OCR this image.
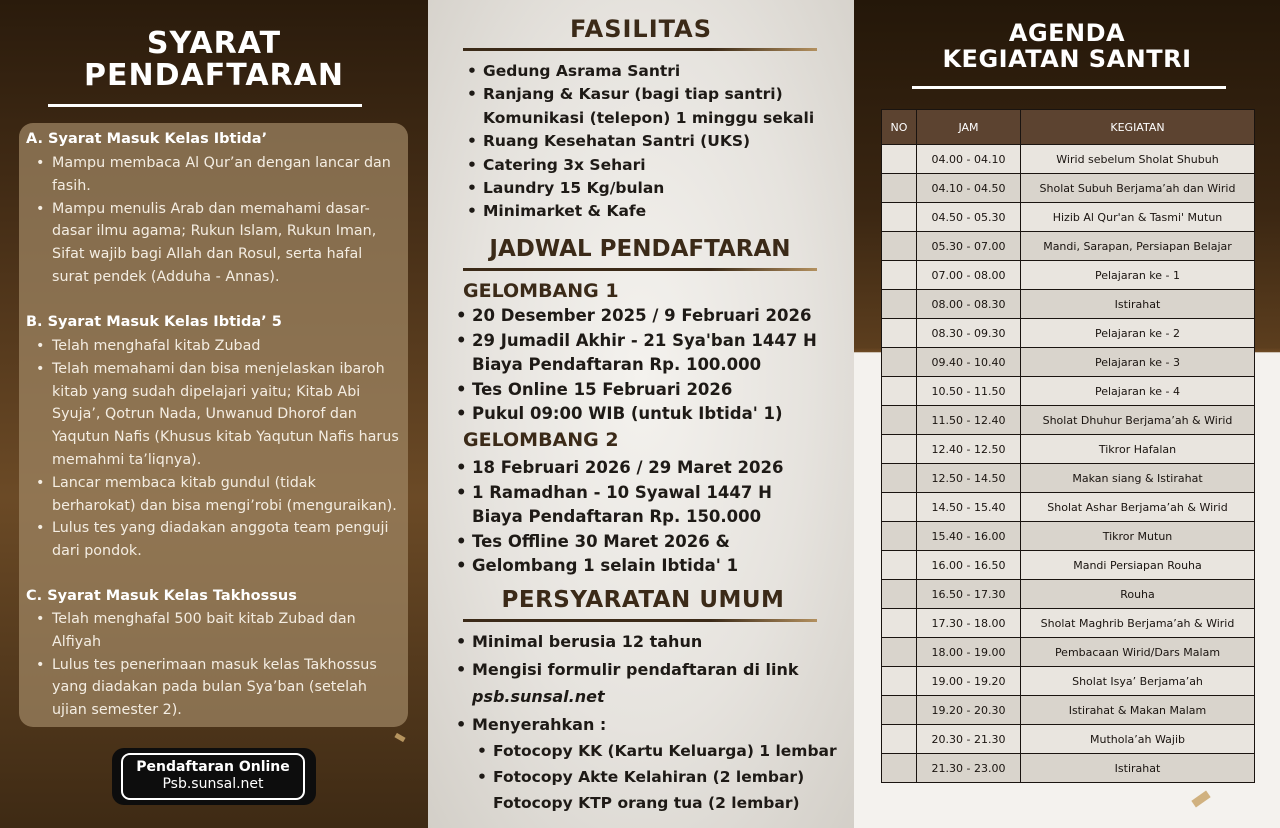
SYARAT
PENDAFTARAN
A. Syarat Masuk Kelas Ibtida’
• Mampu membaca Al Qur’an dengan lancar dan fasih.
• Mampu menulis Arab dan memahami dasar-dasar ilmu agama; Rukun Islam, Rukun Iman, Sifat wajib bagi Allah dan Rosul, serta hafal surat pendek (Adduha - Annas).
B. Syarat Masuk Kelas Ibtida’ 5
• Telah menghafal kitab Zubad
• Telah memahami dan bisa menjelaskan ibaroh kitab yang sudah dipelajari yaitu; Kitab Abi Syuja’, Qotrun Nada, Unwanud Dhorof dan Yaqutun Nafis (Khusus kitab Yaqutun Nafis harus memahmi ta’liqnya).
• Lancar membaca kitab gundul (tidak berharokat) dan bisa mengi’robi (menguraikan).
• Lulus tes yang diadakan anggota team penguji dari pondok.
C. Syarat Masuk Kelas Takhossus
• Telah menghafal 500 bait kitab Zubad dan Alfiyah
• Lulus tes penerimaan masuk kelas Takhossus yang diadakan pada bulan Sya’ban (setelah ujian semester 2).
Pendaftaran Online
Psb.sunsal.net
FASILITAS
• Gedung Asrama Santri
• Ranjang & Kasur (bagi tiap santri)
Komunikasi (telepon) 1 minggu sekali
• Ruang Kesehatan Santri (UKS)
• Catering 3x Sehari
• Laundry 15 Kg/bulan
• Minimarket & Kafe
JADWAL PENDAFTARAN
GELOMBANG 1
• 20 Desember 2025 / 9 Februari 2026
• 29 Jumadil Akhir - 21 Sya'ban 1447 H
Biaya Pendaftaran Rp. 100.000
• Tes Online 15 Februari 2026
• Pukul 09:00 WIB (untuk Ibtida' 1)
GELOMBANG 2
• 18 Februari 2026 / 29 Maret 2026
• 1 Ramadhan - 10 Syawal 1447 H
Biaya Pendaftaran Rp. 150.000
• Tes Offline 30 Maret 2026 &
• Gelombang 1 selain Ibtida' 1
PERSYARATAN UMUM
• Minimal berusia 12 tahun
• Mengisi formulir pendaftaran di link
psb.sunsal.net
• Menyerahkan :
• Fotocopy KK (Kartu Keluarga) 1 lembar
• Fotocopy Akte Kelahiran (2 lembar)
Fotocopy KTP orang tua (2 lembar)
AGENDA
KEGIATAN SANTRI
NO	JAM	KEGIATAN
	04.00 - 04.10	Wirid sebelum Sholat Shubuh
	04.10 - 04.50	Sholat Subuh Berjama’ah dan Wirid
	04.50 - 05.30	Hizib Al Qur'an & Tasmi' Mutun
	05.30 - 07.00	Mandi, Sarapan, Persiapan Belajar
	07.00 - 08.00	Pelajaran ke - 1
	08.00 - 08.30	Istirahat
	08.30 - 09.30	Pelajaran ke - 2
	09.40 - 10.40	Pelajaran ke - 3
	10.50 - 11.50	Pelajaran ke - 4
	11.50 - 12.40	Sholat Dhuhur Berjama’ah & Wirid
	12.40 - 12.50	Tikror Hafalan
	12.50 - 14.50	Makan siang & Istirahat
	14.50 - 15.40	Sholat Ashar Berjama’ah & Wirid
	15.40 - 16.00	Tikror Mutun
	16.00 - 16.50	Mandi Persiapan Rouha
	16.50 - 17.30	Rouha
	17.30 - 18.00	Sholat Maghrib Berjama’ah & Wirid
	18.00 - 19.00	Pembacaan Wirid/Dars Malam
	19.00 - 19.20	Sholat Isya’ Berjama’ah
	19.20 - 20.30	Istirahat & Makan Malam
	20.30 - 21.30	Muthola’ah Wajib
	21.30 - 23.00	Istirahat
